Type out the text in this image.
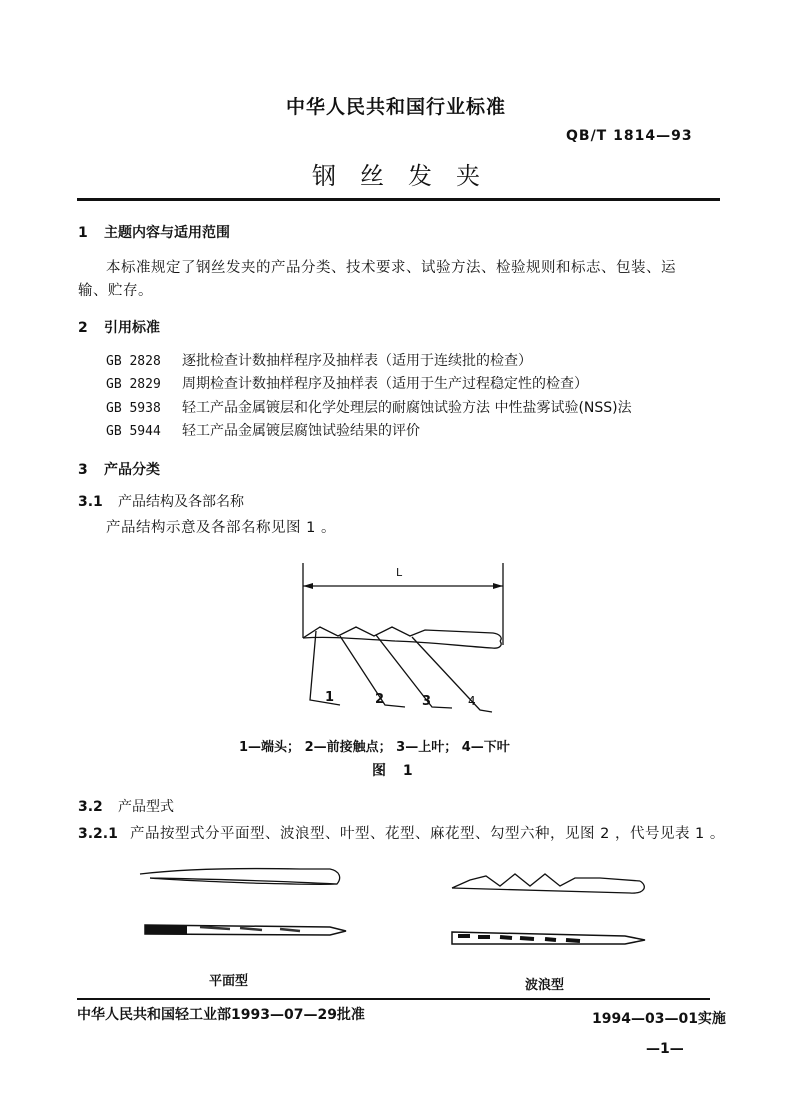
中华人民共和国行业标准
QB/T 1814—93
钢丝发夹
1 主题内容与适用范围
本标准规定了钢丝发夹的产品分类、技术要求、试验方法、检验规则和标志、包装、运
输、贮存。
2 引用标准
GB 2828 逐批检查计数抽样程序及抽样表（适用于连续批的检查）
GB 2829 周期检查计数抽样程序及抽样表（适用于生产过程稳定性的检查）
GB 5938 轻工产品金属镀层和化学处理层的耐腐蚀试验方法 中性盐雾试验(NSS)法
GB 5944 轻工产品金属镀层腐蚀试验结果的评价
3 产品分类
3.1 产品结构及各部名称
产品结构示意及各部名称见图 1 。
L
1	2	3	4
1—端头； 2—前接触点； 3—上叶； 4—下叶
图 1
3.2 产品型式
3.2.1 产品按型式分平面型、波浪型、叶型、花型、麻花型、勾型六种，见图 2 ，代号见表 1 。
平面型	波浪型
中华人民共和国轻工业部1993—07—29批准	1994—03—01实施
—1—
